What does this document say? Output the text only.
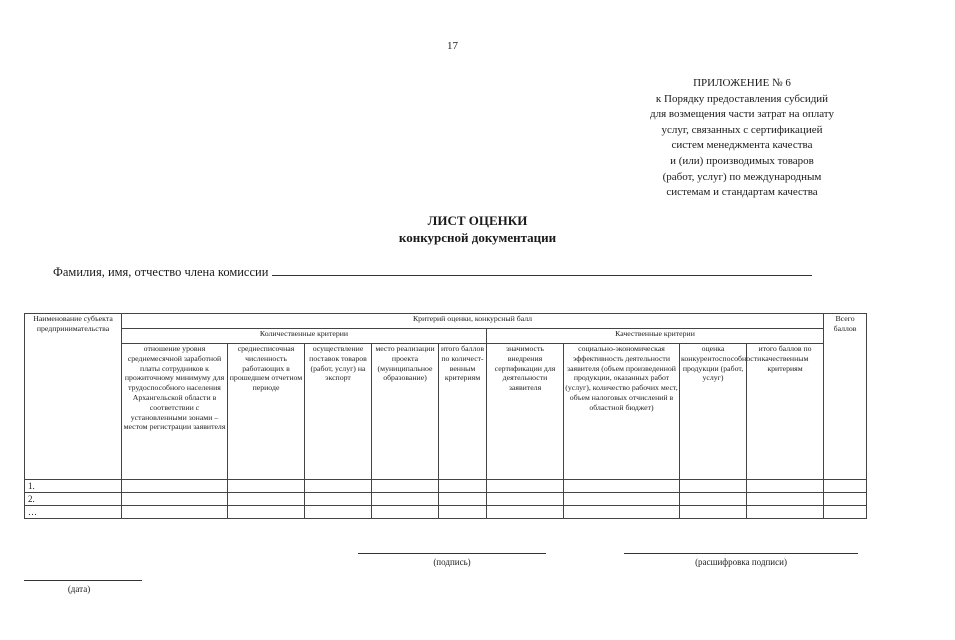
17
ПРИЛОЖЕНИЕ № 6
к Порядку предоставления субсидий
для возмещения части затрат на оплату
услуг, связанных с сертификацией
систем менеджмента качества
и (или) производимых товаров
(работ, услуг) по международным
системам и стандартам качества
ЛИСТ ОЦЕНКИ
конкурсной документации
Фамилия, имя, отчество члена комиссии
Наименование субъекта предпринимательства	Критерий оценки, конкурсный балл									Всего баллов
	Количественные критерии					Качественные критерии				
	отношение уровня среднемесячной заработной платы сотрудников к прожиточному минимуму для трудоспособного населения Архангельской области в соответствии с установленными зонами – местом регистрации заявителя	среднесписочная численность работающих в прошедшем отчетном периоде	осуществление поставок товаров (работ, услуг) на экспорт	место реализации проекта (муниципальное образование)	итого баллов по количест-венным критериям	значимость внедрения сертификации для деятельности заявителя	социально-экономическая эффективность деятельности заявителя (объем произведенной продукции, оказанных работ (услуг), количество рабочих мест, объем налоговых отчислений в областной бюджет)	оценка конкурентоспособности продукции (работ, услуг)	итого баллов по качественным критериям	
1.										
2.										
…										
(подпись)	(расшифровка подписи)
(дата)
